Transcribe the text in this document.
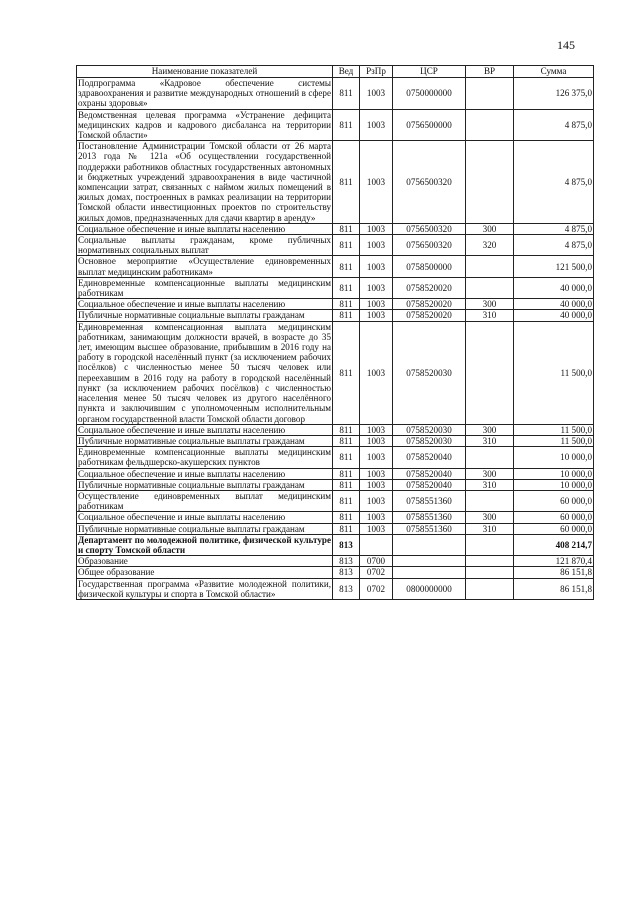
145
Наименование показателей	Вед	РзПр	ЦСР	ВР	Сумма
Подпрограмма «Кадровое обеспечение системы здравоохранения и развитие международных отношений в сфере охраны здоровья»	811	1003	0750000000		126 375,0
Ведомственная целевая программа «Устранение дефицита медицинских кадров и кадрового дисбаланса на территории Томской области»	811	1003	0756500000		4 875,0
Постановление Администрации Томской области от 26 марта 2013 года № 121а «Об осуществлении государственной поддержки работников областных государственных автономных и бюджетных учреждений здравоохранения в виде частичной компенсации затрат, связанных с наймом жилых помещений в жилых домах, построенных в рамках реализации на территории Томской области инвестиционных проектов по строительству жилых домов, предназначенных для сдачи квартир в аренду»	811	1003	0756500320		4 875,0
Социальное обеспечение и иные выплаты населению	811	1003	0756500320	300	4 875,0
Социальные выплаты гражданам, кроме публичных нормативных социальных выплат	811	1003	0756500320	320	4 875,0
Основное мероприятие «Осуществление единовременных выплат медицинским работникам»	811	1003	0758500000		121 500,0
Единовременные компенсационные выплаты медицинским работникам	811	1003	0758520020		40 000,0
Социальное обеспечение и иные выплаты населению	811	1003	0758520020	300	40 000,0
Публичные нормативные социальные выплаты гражданам	811	1003	0758520020	310	40 000,0
Единовременная компенсационная выплата медицинским работникам, занимающим должности врачей, в возрасте до 35 лет, имеющим высшее образование, прибывшим в 2016 году на работу в городской населённый пункт (за исключением рабочих посёлков) с численностью менее 50 тысяч человек или переехавшим в 2016 году на работу в городской населённый пункт (за исключением рабочих посёлков) с численностью населения менее 50 тысяч человек из другого населённого пункта и заключившим с уполномоченным исполнительным органом государственной власти Томской области договор	811	1003	0758520030		11 500,0
Социальное обеспечение и иные выплаты населению	811	1003	0758520030	300	11 500,0
Публичные нормативные социальные выплаты гражданам	811	1003	0758520030	310	11 500,0
Единовременные компенсационные выплаты медицинским работникам фельдшерско-акушерских пунктов	811	1003	0758520040		10 000,0
Социальное обеспечение и иные выплаты населению	811	1003	0758520040	300	10 000,0
Публичные нормативные социальные выплаты гражданам	811	1003	0758520040	310	10 000,0
Осуществление единовременных выплат медицинским работникам	811	1003	0758551360		60 000,0
Социальное обеспечение и иные выплаты населению	811	1003	0758551360	300	60 000,0
Публичные нормативные социальные выплаты гражданам	811	1003	0758551360	310	60 000,0
Департамент по молодежной политике, физической культуре и спорту Томской области	813				408 214,7
Образование	813	0700			121 870,4
Общее образование	813	0702			86 151,8
Государственная программа «Развитие молодежной политики, физической культуры и спорта в Томской области»	813	0702	0800000000		86 151,8
